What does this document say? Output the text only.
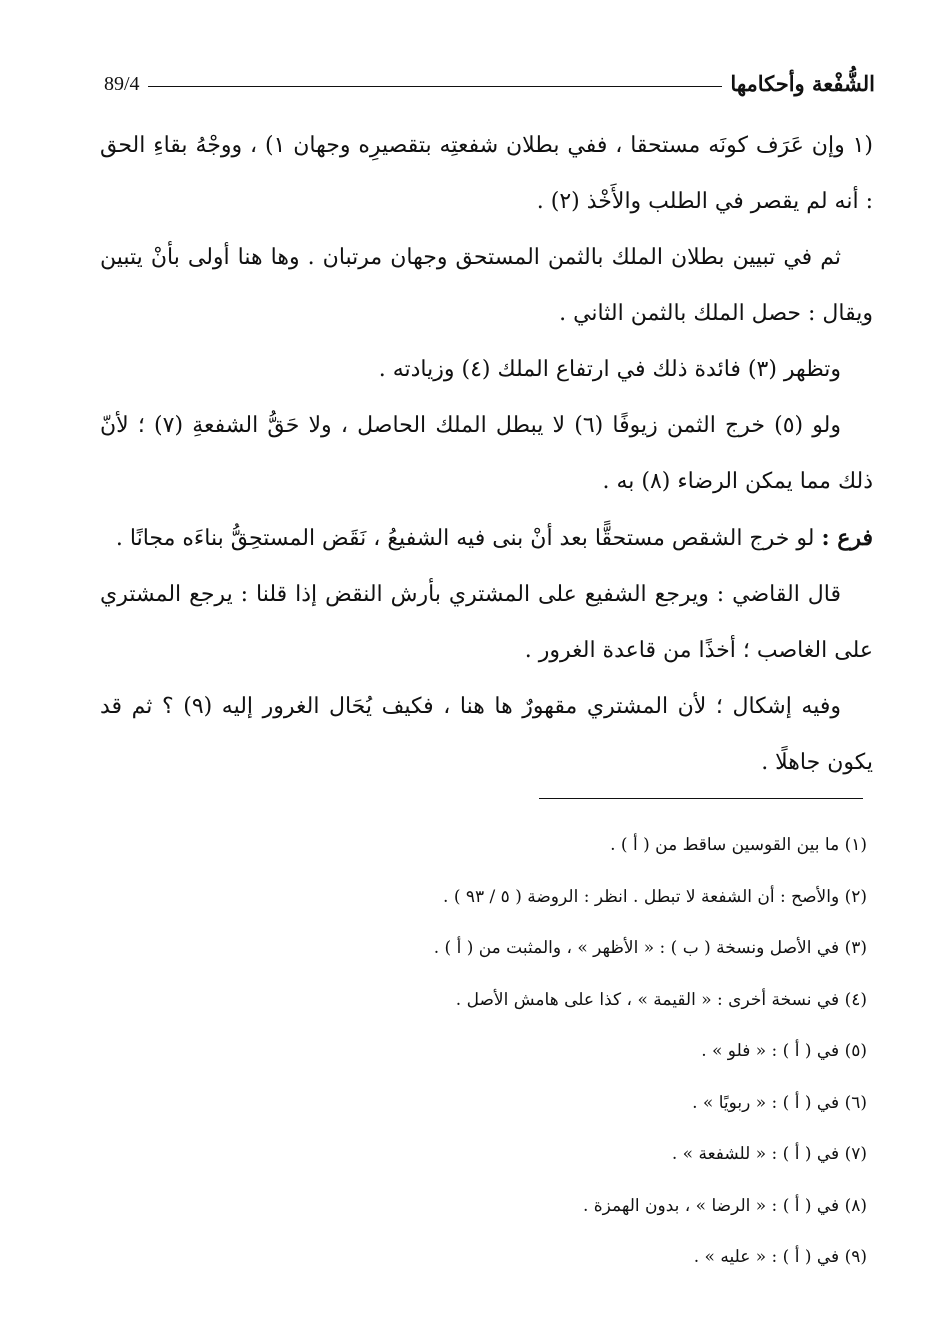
الشُّفْعة وأحكامها
89/4

(١ وإن عَرَف كونَه مستحقا ، ففي بطلان شفعتِه بتقصيرِه وجهان ١) ، ووجْهُ بقاءِ الحق : أنه لم يقصر في الطلب والأَخْذ (٢) .

ثم في تبيين بطلان الملك بالثمن المستحق وجهان مرتبان . وها هنا أولى بأنْ يتبين ويقال : حصل الملك بالثمن الثاني .

وتظهر (٣) فائدة ذلك في ارتفاع الملك (٤) وزيادته .

ولو (٥) خرج الثمن زيوفًا (٦) لا يبطل الملك الحاصل ، ولا حَقُّ الشفعةِ (٧) ؛ لأنّ ذلك مما يمكن الرضاء (٨) به .

فرع : لو خرج الشقص مستحقًّا بعد أنْ بنى فيه الشفيعُ ، نَقَض المستحِقُّ بناءَه مجانًا .

قال القاضي : ويرجع الشفيع على المشتري بأرش النقض إذا قلنا : يرجع المشتري على الغاصب ؛ أخذًا من قاعدة الغرور .

وفيه إشكال ؛ لأن المشتري مقهورٌ ها هنا ، فكيف يُحَال الغرور إليه (٩) ؟ ثم قد يكون جاهلًا .

(١) ما بين القوسين ساقط من ( أ ) .

(٢) والأصح : أن الشفعة لا تبطل . انظر : الروضة ( ٥ / ٩٣ ) .

(٣) في الأصل ونسخة ( ب ) : « الأظهر » ، والمثبت من ( أ ) .

(٤) في نسخة أخرى : « القيمة » ، كذا على هامش الأصل .

(٥) في ( أ ) : « فلو » .

(٦) في ( أ ) : « ربويًا » .

(٧) في ( أ ) : « للشفعة » .

(٨) في ( أ ) : « الرضا » ، بدون الهمزة .

(٩) في ( أ ) : « عليه » .
